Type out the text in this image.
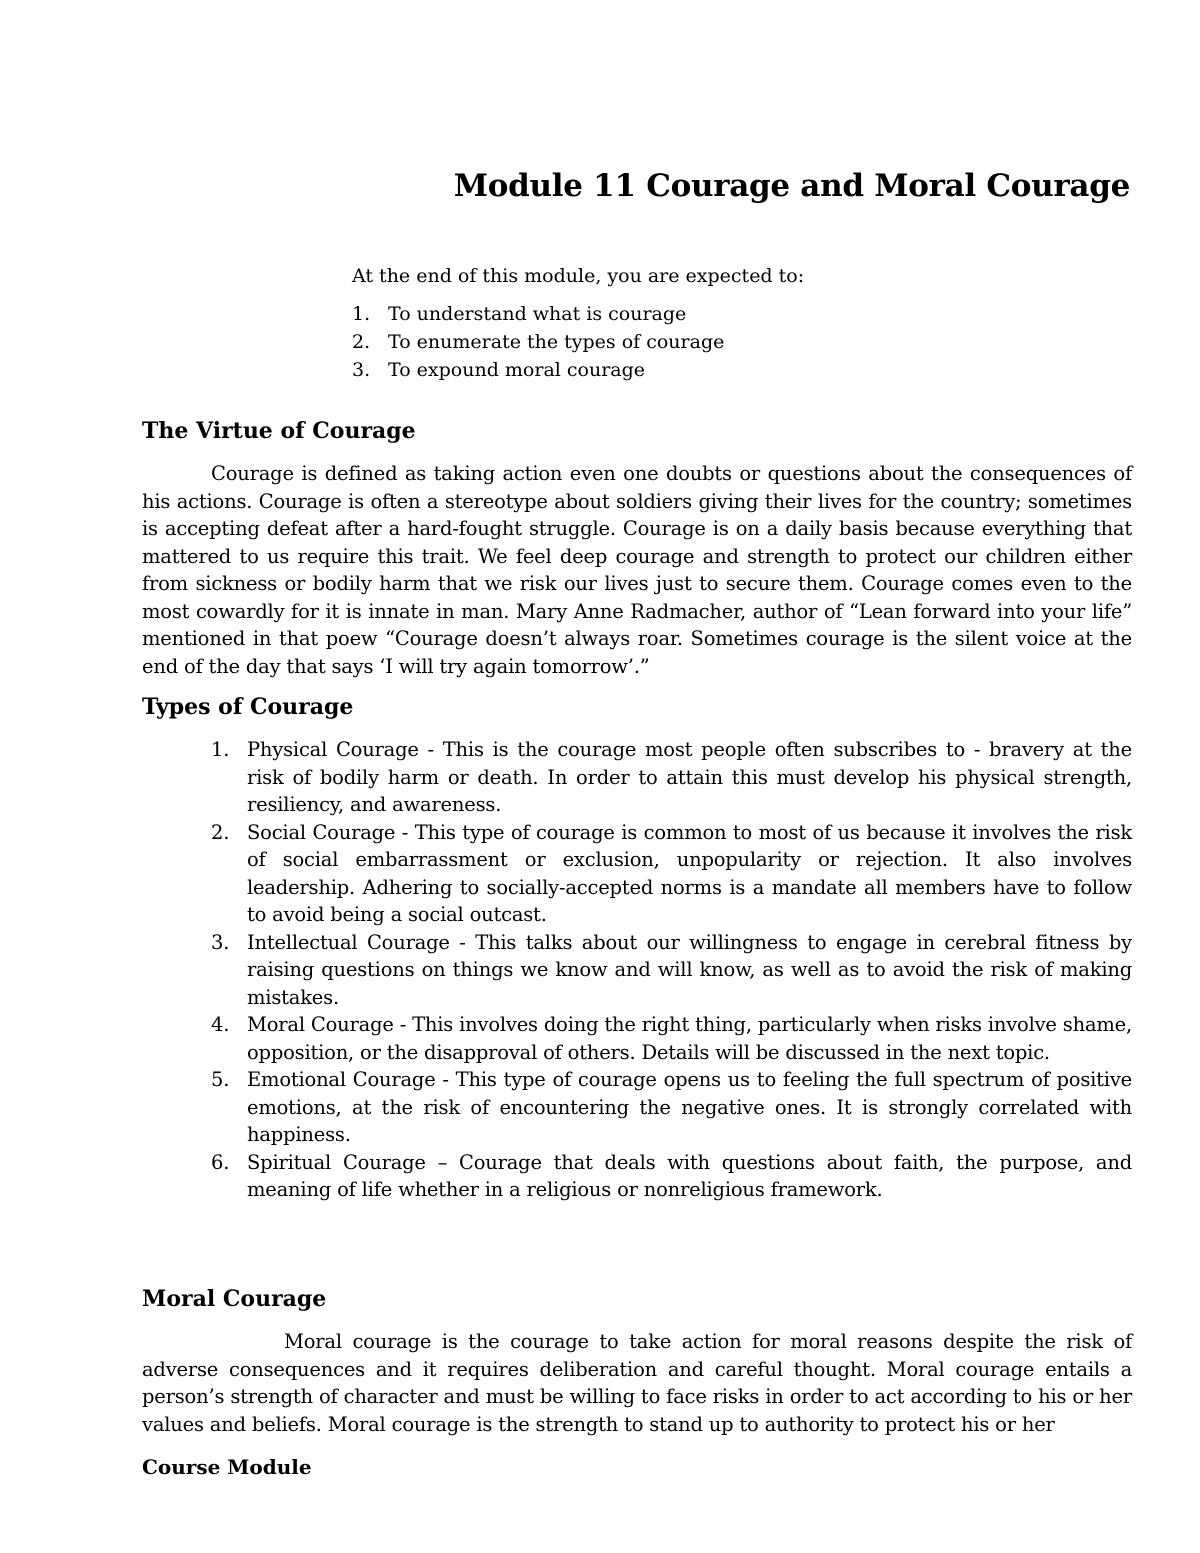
Module 11 Courage and Moral Courage

At the end of this module, you are expected to:

1. To understand what is courage
2. To enumerate the types of courage
3. To expound moral courage
The Virtue of Courage
Courage is defined as taking action even one doubts or questions about the consequences of his actions. Courage is often a stereotype about soldiers giving their lives for the country; sometimes is accepting defeat after a hard-fought struggle. Courage is on a daily basis because everything that mattered to us require this trait. We feel deep courage and strength to protect our children either from sickness or bodily harm that we risk our lives just to secure them. Courage comes even to the most cowardly for it is innate in man. Mary Anne Radmacher, author of “Lean forward into your life” mentioned in that poew “Courage doesn’t always roar. Sometimes courage is the silent voice at the end of the day that says ‘I will try again tomorrow’.”
Types of Courage
1. Physical Courage - This is the courage most people often subscribes to - bravery at the risk of bodily harm or death. In order to attain this must develop his physical strength, resiliency, and awareness.
2. Social Courage - This type of courage is common to most of us because it involves the risk of social embarrassment or exclusion, unpopularity or rejection. It also involves leadership. Adhering to socially-accepted norms is a mandate all members have to follow to avoid being a social outcast.
3. Intellectual Courage - This talks about our willingness to engage in cerebral fitness by raising questions on things we know and will know, as well as to avoid the risk of making mistakes.
4. Moral Courage - This involves doing the right thing, particularly when risks involve shame, opposition, or the disapproval of others. Details will be discussed in the next topic.
5. Emotional Courage - This type of courage opens us to feeling the full spectrum of positive emotions, at the risk of encountering the negative ones. It is strongly correlated with happiness.
6. Spiritual Courage – Courage that deals with questions about faith, the purpose, and meaning of life whether in a religious or nonreligious framework.
Moral Courage
Moral courage is the courage to take action for moral reasons despite the risk of adverse consequences and it requires deliberation and careful thought. Moral courage entails a person’s strength of character and must be willing to face risks in order to act according to his or her values and beliefs. Moral courage is the strength to stand up to authority to protect his or her
Course Module
